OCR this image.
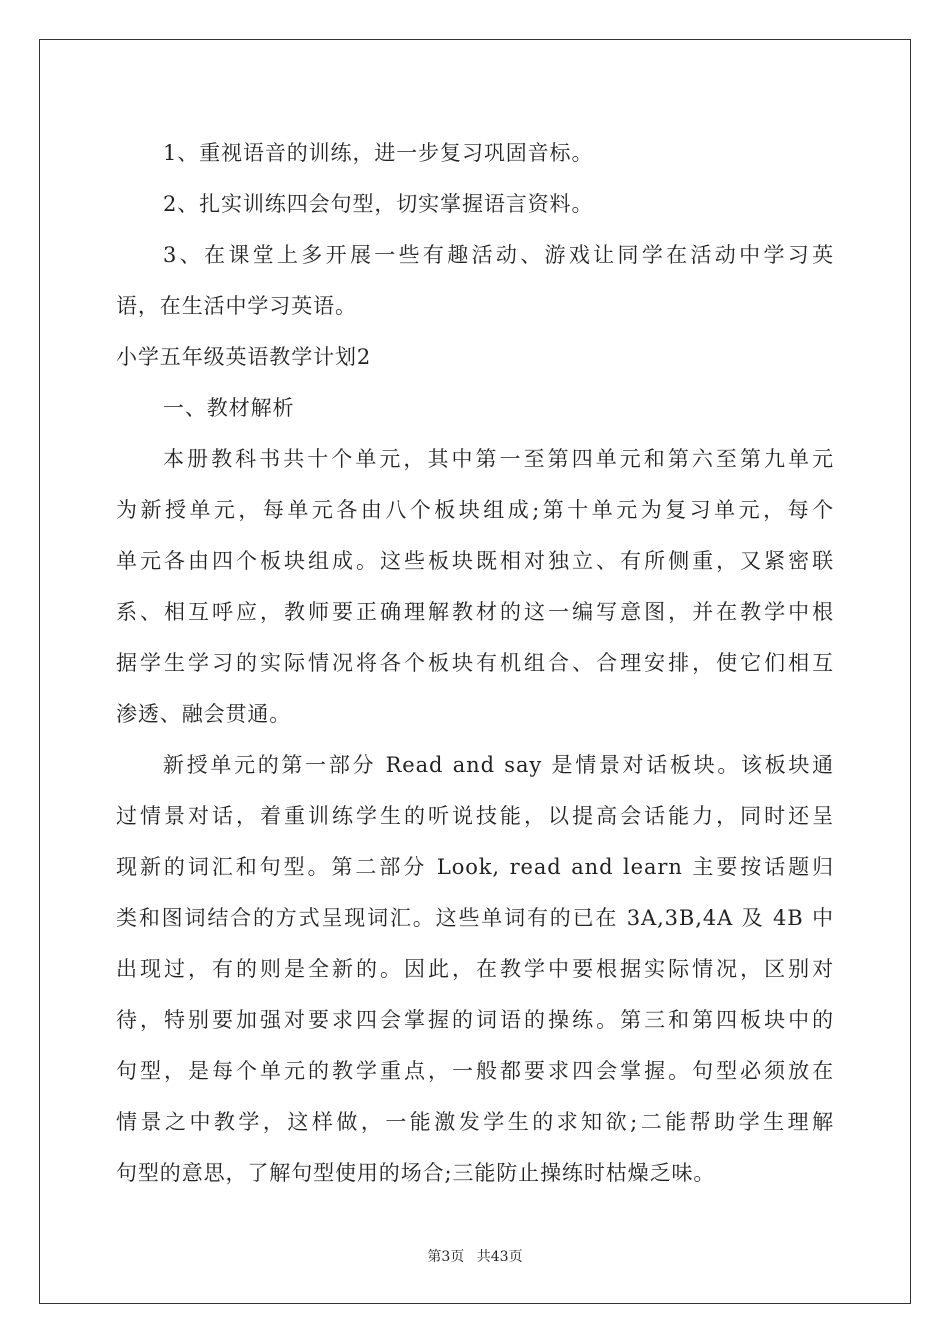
1、重视语音的训练，进一步复习巩固音标。

2、扎实训练四会句型，切实掌握语言资料。

3、在课堂上多开展一些有趣活动、游戏让同学在活动中学习英

语，在生活中学习英语。

小学五年级英语教学计划2

一、教材解析

本册教科书共十个单元，其中第一至第四单元和第六至第九单元

为新授单元，每单元各由八个板块组成;第十单元为复习单元，每个

单元各由四个板块组成。这些板块既相对独立、有所侧重，又紧密联

系、相互呼应，教师要正确理解教材的这一编写意图，并在教学中根

据学生学习的实际情况将各个板块有机组合、合理安排，使它们相互

渗透、融会贯通。

新授单元的第一部分 Read and say 是情景对话板块。该板块通

过情景对话，着重训练学生的听说技能，以提高会话能力，同时还呈

现新的词汇和句型。第二部分 Look, read and learn 主要按话题归

类和图词结合的方式呈现词汇。这些单词有的已在 3A,3B,4A 及 4B 中

出现过，有的则是全新的。因此，在教学中要根据实际情况，区别对

待，特别要加强对要求四会掌握的词语的操练。第三和第四板块中的

句型，是每个单元的教学重点，一般都要求四会掌握。句型必须放在

情景之中教学，这样做，一能激发学生的求知欲;二能帮助学生理解

句型的意思，了解句型使用的场合;三能防止操练时枯燥乏味。

第3页 共43页
